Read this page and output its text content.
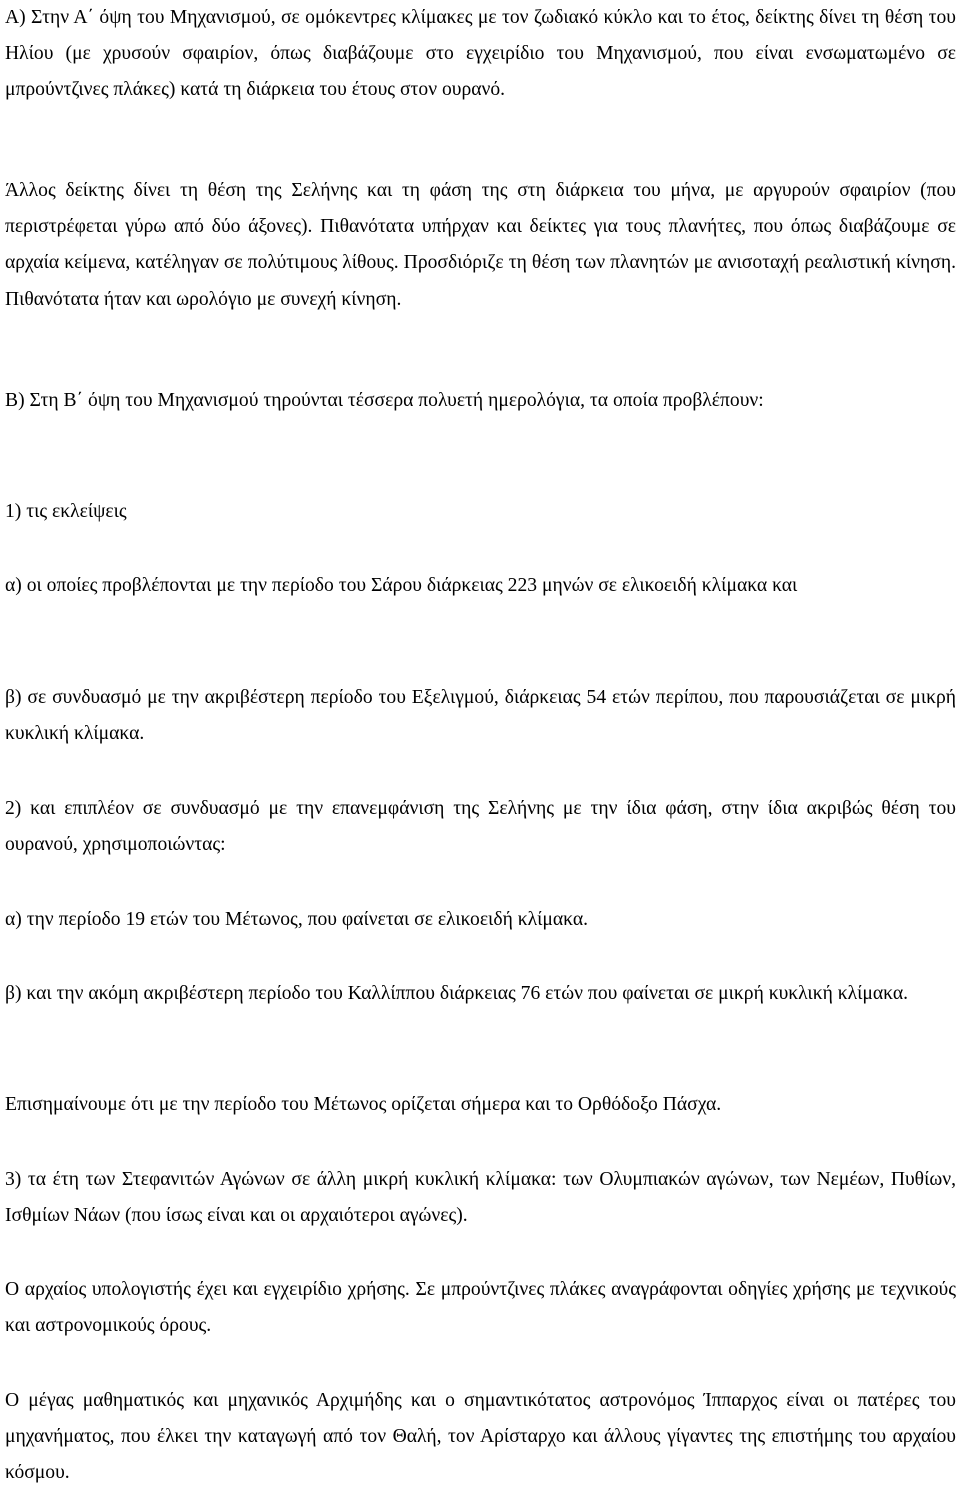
Α) Στην Α΄ όψη του Μηχανισμού, σε ομόκεντρες κλίμακες με τον ζωδιακό κύκλο και το έτος, δείκτης δίνει τη θέση του Ηλίου (με χρυσούν σφαιρίον, όπως διαβάζουμε στο εγχειρίδιο του Μηχανισμού, που είναι ενσωματωμένο σε μπρούντζινες πλάκες) κατά τη διάρκεια του έτους στον ουρανό.

Άλλος δείκτης δίνει τη θέση της Σελήνης και τη φάση της στη διάρκεια του μήνα, με αργυρούν σφαιρίον (που περιστρέφεται γύρω από δύο άξονες). Πιθανότατα υπήρχαν και δείκτες για τους πλανήτες, που όπως διαβάζουμε σε αρχαία κείμενα, κατέληγαν σε πολύτιμους λίθους. Προσδιόριζε τη θέση των πλανητών με ανισοταχή ρεαλιστική κίνηση. Πιθανότατα ήταν και ωρολόγιο με συνεχή κίνηση.

Β) Στη Β΄ όψη του Μηχανισμού τηρούνται τέσσερα πολυετή ημερολόγια, τα οποία προβλέπουν:

1) τις εκλείψεις

α) οι οποίες προβλέπονται με την περίοδο του Σάρου διάρκειας 223 μηνών σε ελικοειδή κλίμακα και

β) σε συνδυασμό με την ακριβέστερη περίοδο του Εξελιγμού, διάρκειας 54 ετών περίπου, που παρουσιάζεται σε μικρή κυκλική κλίμακα.

2) και επιπλέον σε συνδυασμό με την επανεμφάνιση της Σελήνης με την ίδια φάση, στην ίδια ακριβώς θέση του ουρανού, χρησιμοποιώντας:

α) την περίοδο 19 ετών του Μέτωνος, που φαίνεται σε ελικοειδή κλίμακα.

β) και την ακόμη ακριβέστερη περίοδο του Καλλίππου διάρκειας 76 ετών που φαίνεται σε μικρή κυκλική κλίμακα.

Επισημαίνουμε ότι με την περίοδο του Μέτωνος ορίζεται σήμερα και το Ορθόδοξο Πάσχα.

3) τα έτη των Στεφανιτών Αγώνων σε άλλη μικρή κυκλική κλίμακα: των Ολυμπιακών αγώνων, των Νεμέων, Πυθίων, Ισθμίων Νάων (που ίσως είναι και οι αρχαιότεροι αγώνες).

Ο αρχαίος υπολογιστής έχει και εγχειρίδιο χρήσης. Σε μπρούντζινες πλάκες αναγράφονται οδηγίες χρήσης με τεχνικούς και αστρονομικούς όρους.

Ο μέγας μαθηματικός και μηχανικός Αρχιμήδης και ο σημαντικότατος αστρονόμος Ίππαρχος είναι οι πατέρες του μηχανήματος, που έλκει την καταγωγή από τον Θαλή, τον Αρίσταρχο και άλλους γίγαντες της επιστήμης του αρχαίου κόσμου.
